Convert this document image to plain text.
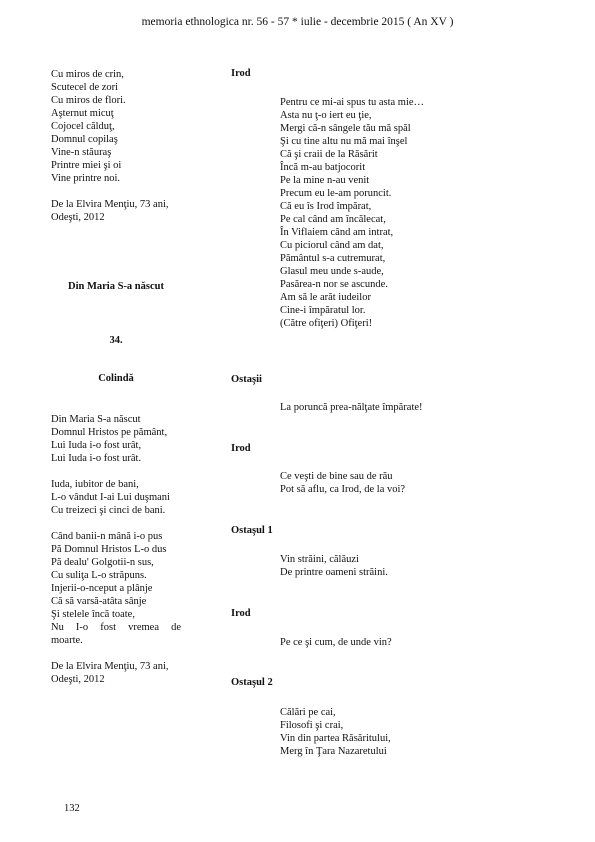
memoria ethnologica nr. 56 - 57 * iulie - decembrie 2015 ( An XV )
Cu miros de crin,
Scutecel de zori
Cu miros de flori.
Aşternut micuţ
Cojocel călduţ,
Domnul copilaş
Vine-n stăuraş
Printre miei şi oi
Vine printre noi.
De la Elvira Menţiu, 73 ani,
Odeşti, 2012
Din Maria S-a născut
34.
Colindă
Din Maria S-a născut
Domnul Hristos pe pământ,
Lui Iuda i-o fost urât,
Lui Iuda i-o fost urât.
Iuda, iubitor de bani,
L-o vândut I-ai Lui duşmani
Cu treizeci şi cinci de bani.
Când banii-n mână i-o pus
Pă Domnul Hristos L-o dus
Pă dealu' Golgotii-n sus,
Cu suliţa L-o străpuns.
Injerii-o-nceput a plânje
Că să varsă-atâta sânje
Şi stelele încă toate,
Nu I-o fost vremea de
moarte.
De la Elvira Menţiu, 73 ani,
Odeşti, 2012
Irod
Pentru ce mi-ai spus tu asta mie…
Asta nu ţ-o iert eu ţie,
Mergi că-n sângele tău mă spăl
Şi cu tine altu nu mă mai înşel
Că şi craii de la Răsărit
Încă m-au batjocorit
Pe la mine n-au venit
Precum eu le-am poruncit.
Că eu îs Irod împărat,
Pe cal când am încălecat,
În Viflaiem când am intrat,
Cu piciorul când am dat,
Pământul s-a cutremurat,
Glasul meu unde s-aude,
Pasărea-n nor se ascunde.
Am să le arăt iudeilor
Cine-i împăratul lor.
(Către ofiţeri) Ofiţeri!
Ostaşii
La poruncă prea-nălţate împărate!
Irod
Ce veşti de bine sau de rău
Pot să aflu, ca Irod, de la voi?
Ostaşul 1
Vin străini, călăuzi
De printre oameni străini.
Irod
Pe ce şi cum, de unde vin?
Ostaşul 2
Călări pe cai,
Filosofi şi crai,
Vin din partea Răsăritului,
Merg în Ţara Nazaretului
132
